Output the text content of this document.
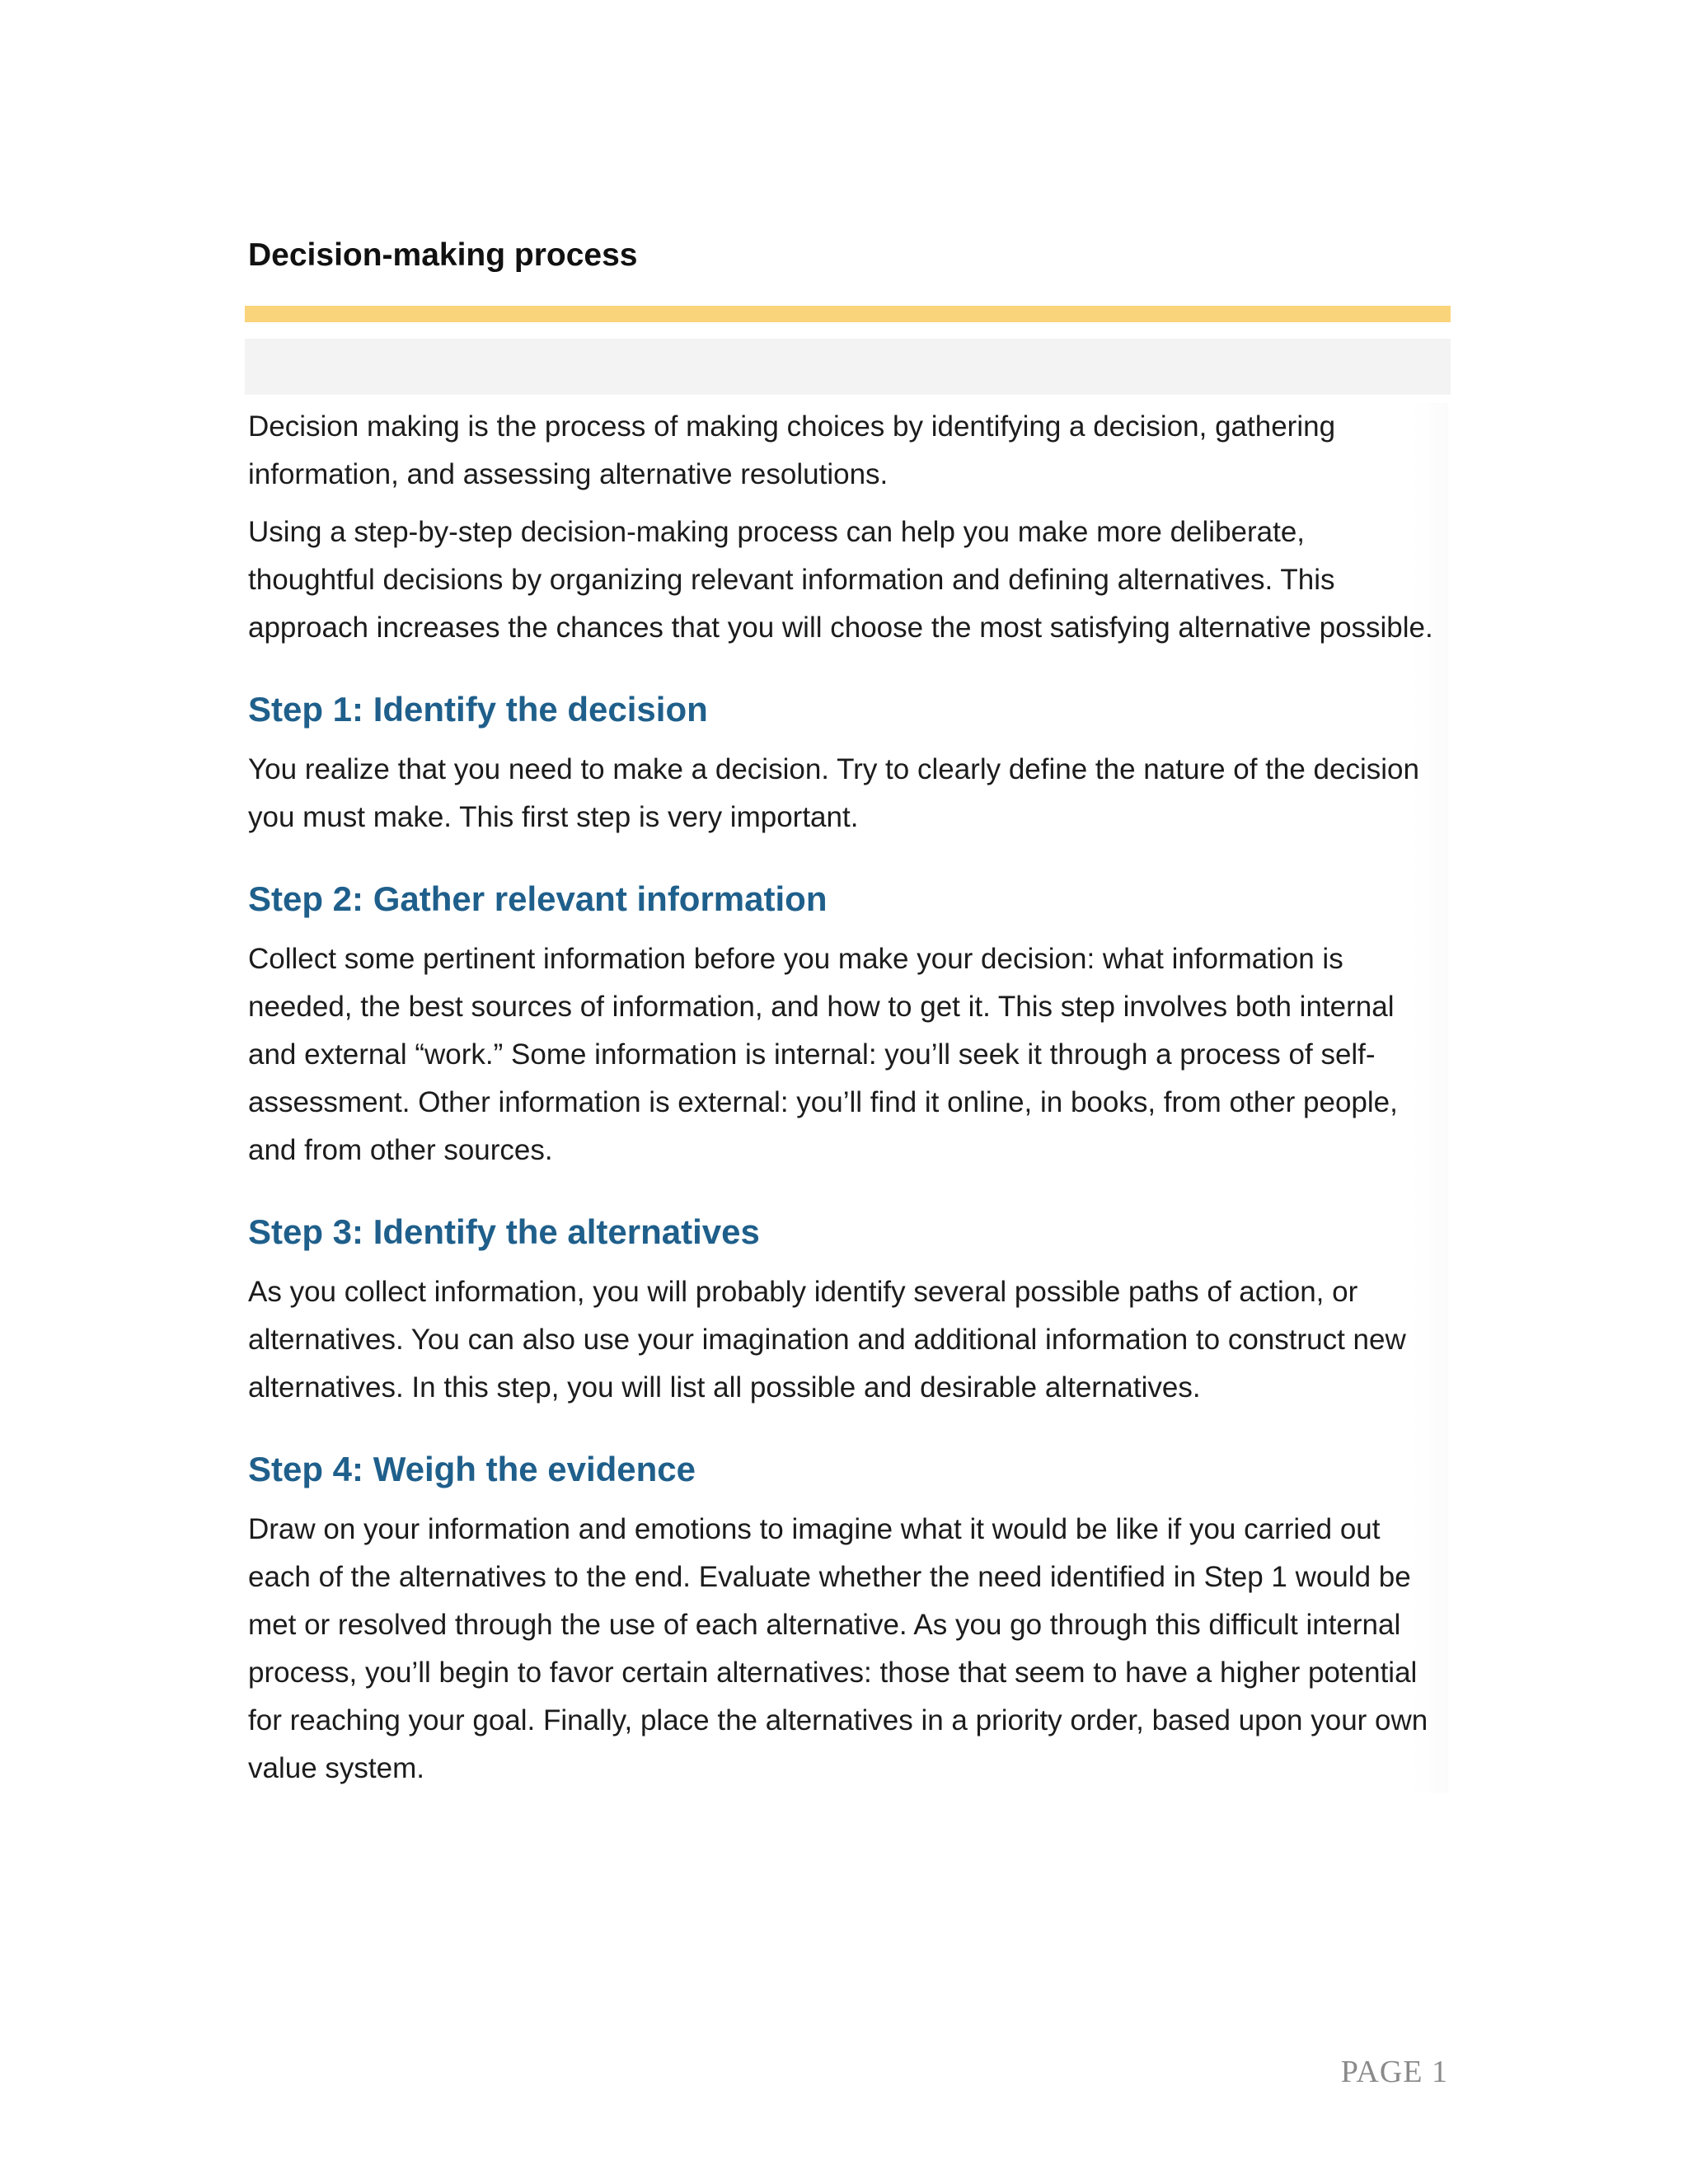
Decision-making process

Decision making is the process of making choices by identifying a decision, gathering information, and assessing alternative resolutions.

Using a step-by-step decision-making process can help you make more deliberate, thoughtful decisions by organizing relevant information and defining alternatives. This approach increases the chances that you will choose the most satisfying alternative possible.

Step 1: Identify the decision

You realize that you need to make a decision. Try to clearly define the nature of the decision you must make. This first step is very important.

Step 2: Gather relevant information

Collect some pertinent information before you make your decision: what information is needed, the best sources of information, and how to get it. This step involves both internal and external “work.” Some information is internal: you’ll seek it through a process of self-assessment. Other information is external: you’ll find it online, in books, from other people, and from other sources.

Step 3: Identify the alternatives

As you collect information, you will probably identify several possible paths of action, or alternatives. You can also use your imagination and additional information to construct new alternatives. In this step, you will list all possible and desirable alternatives.

Step 4: Weigh the evidence

Draw on your information and emotions to imagine what it would be like if you carried out each of the alternatives to the end. Evaluate whether the need identified in Step 1 would be met or resolved through the use of each alternative. As you go through this difficult internal process, you’ll begin to favor certain alternatives: those that seem to have a higher potential for reaching your goal. Finally, place the alternatives in a priority order, based upon your own value system.

PAGE 1
